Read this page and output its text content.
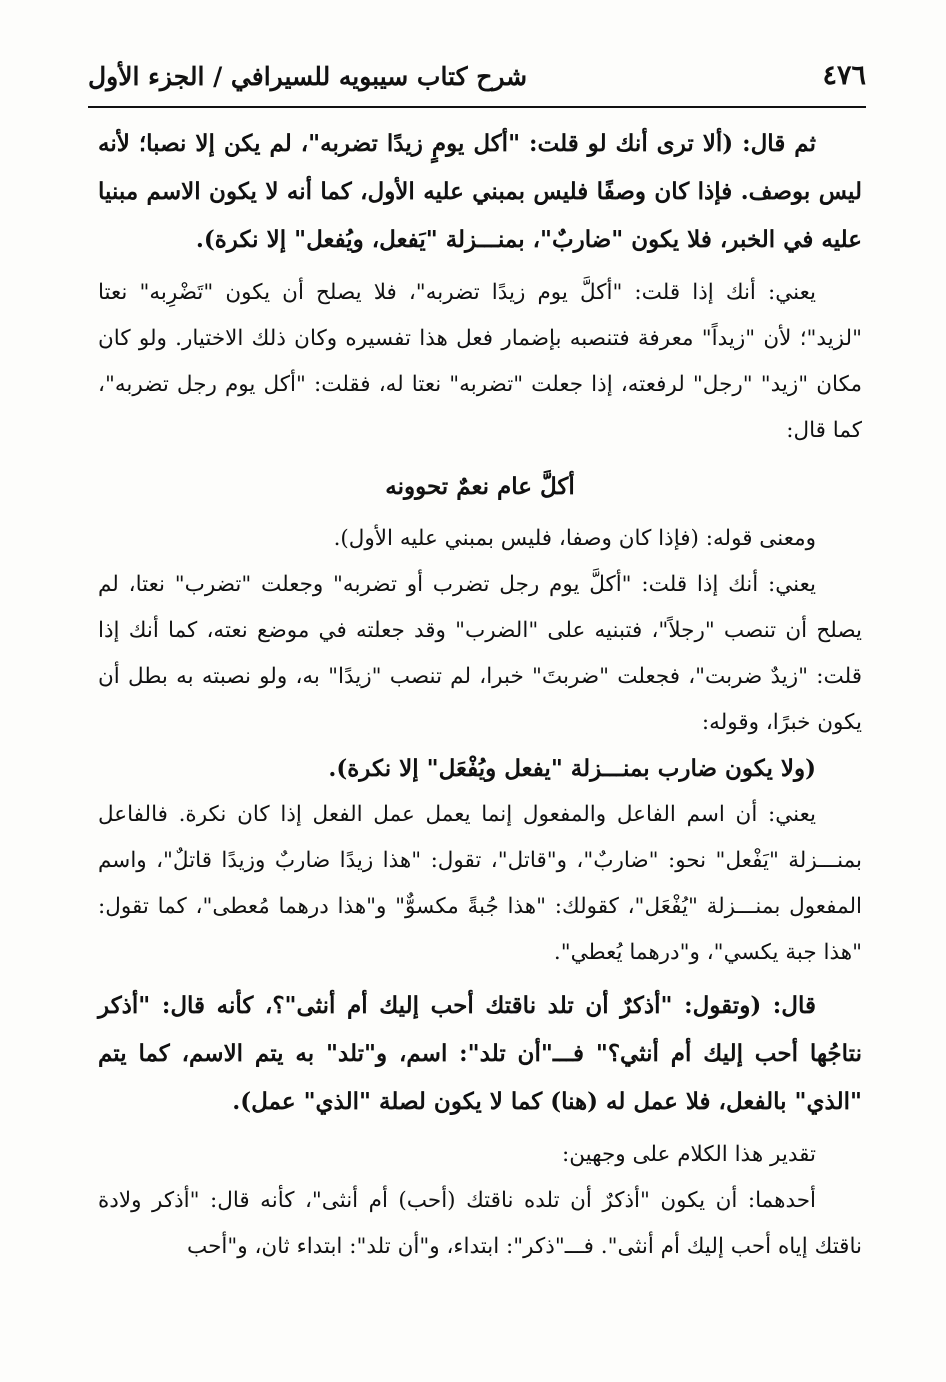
٤٧٦
شرح كتاب سيبويه للسيرافي / الجزء الأول

ثم قال: (ألا ترى أنك لو قلت: "أكل يومٍ زيدًا تضربه"، لم يكن إلا نصبا؛ لأنه ليس بوصف. فإذا كان وصفًا فليس بمبني عليه الأول، كما أنه لا يكون الاسم مبنيا عليه في الخبر، فلا يكون "ضاربٌ"، بمنـــزلة "يَفعل، ويُفعل" إلا نكرة).

يعني: أنك إذا قلت: "أكلَّ يوم زيدًا تضربه"، فلا يصلح أن يكون "تَضْرِبه" نعتا "لزيد"؛ لأن "زيداً" معرفة فتنصبه بإضمار فعل هذا تفسيره وكان ذلك الاختيار. ولو كان مكان "زيد" "رجل" لرفعته، إذا جعلت "تضربه" نعتا له، فقلت: "أكل يوم رجل تضربه"، كما قال:

أكلَّ عام نعمٌ تحوونه

ومعنى قوله: (فإذا كان وصفا، فليس بمبني عليه الأول).

يعني: أنك إذا قلت: "أكلَّ يوم رجل تضرب أو تضربه" وجعلت "تضرب" نعتا، لم يصلح أن تنصب "رجلاً"، فتبنيه على "الضرب" وقد جعلته في موضع نعته، كما أنك إذا قلت: "زيدٌ ضربت"، فجعلت "ضربتَ" خبرا، لم تنصب "زيدًا" به، ولو نصبته به بطل أن يكون خبرًا، وقوله:

(ولا يكون ضارب بمنـــزلة "يفعل ويُفْعَل" إلا نكرة).

يعني: أن اسم الفاعل والمفعول إنما يعمل عمل الفعل إذا كان نكرة. فالفاعل بمنـــزلة "يَفْعل" نحو: "ضاربٌ"، و"قاتل"، تقول: "هذا زيدًا ضاربٌ وزيدًا قاتلٌ"، واسم المفعول بمنـــزلة "يُفْعَل"، كقولك: "هذا جُبةً مكسوٌّ" و"هذا درهما مُعطى"، كما تقول: "هذا جبة يكسي"، و"درهما يُعطي".

قال: (وتقول: "أذكرٌ أن تلد ناقتك أحب إليك أم أنثى"؟، كأنه قال: "أذكر نتاجُها أحب إليك أم أنثي؟" فـــ"أن تلد": اسم، و"تلد" به يتم الاسم، كما يتم "الذي" بالفعل، فلا عمل له (هنا) كما لا يكون لصلة "الذي" عمل).

تقدير هذا الكلام على وجهين:

أحدهما: أن يكون "أذكرٌ أن تلده ناقتك (أحب) أم أنثى"، كأنه قال: "أذكر ولادة ناقتك إياه أحب إليك أم أنثى". فـــ"ذكر": ابتداء، و"أن تلد": ابتداء ثان، و"أحب
